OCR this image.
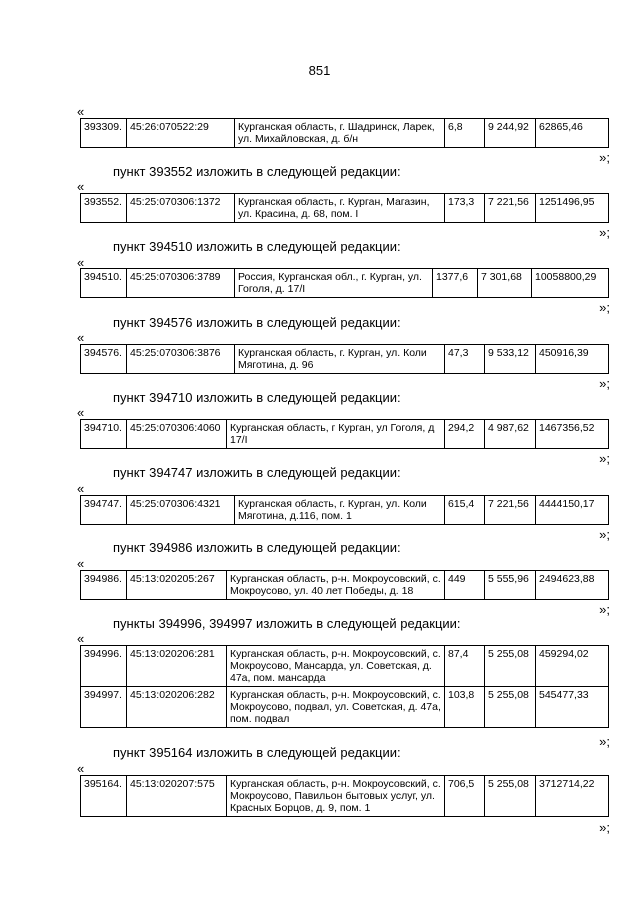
851
«
393309.	45:26:070522:29	Курганская область, г. Шадринск, Ларек, ул. Михайловская, д. б/н	6,8	9 244,92	62865,46
»;
пункт 393552 изложить в следующей редакции:
«
393552.	45:25:070306:1372	Курганская область, г. Курган, Магазин, ул. Красина, д. 68, пом. I	173,3	7 221,56	1251496,95
»;
пункт 394510 изложить в следующей редакции:
«
394510.	45:25:070306:3789	Россия, Курганская обл., г. Курган, ул. Гоголя, д. 17/I	1377,6	7 301,68	10058800,29
»;
пункт 394576 изложить в следующей редакции:
«
394576.	45:25:070306:3876	Курганская область, г. Курган, ул. Коли Мяготина, д. 96	47,3	9 533,12	450916,39
»;
пункт 394710 изложить в следующей редакции:
«
394710.	45:25:070306:4060	Курганская область, г Курган, ул Гоголя, д 17/I	294,2	4 987,62	1467356,52
»;
пункт 394747 изложить в следующей редакции:
«
394747.	45:25:070306:4321	Курганская область, г. Курган, ул. Коли Мяготина, д.116, пом. 1	615,4	7 221,56	4444150,17
»;
пункт 394986 изложить в следующей редакции:
«
394986.	45:13:020205:267	Курганская область, р-н. Мокроусовский, с. Мокроусово, ул. 40 лет Победы, д. 18	449	5 555,96	2494623,88
»;
пункты 394996, 394997 изложить в следующей редакции:
«
394996.	45:13:020206:281	Курганская область, р-н. Мокроусовский, с. Мокроусово, Мансарда, ул. Советская, д. 47а, пом. мансарда	87,4	5 255,08	459294,02
394997.	45:13:020206:282	Курганская область, р-н. Мокроусовский, с. Мокроусово, подвал, ул. Советская, д. 47а, пом. подвал	103,8	5 255,08	545477,33
»;
пункт 395164 изложить в следующей редакции:
«
395164.	45:13:020207:575	Курганская область, р-н. Мокроусовский, с. Мокроусово, Павильон бытовых услуг, ул. Красных Борцов, д. 9, пом. 1	706,5	5 255,08	3712714,22
»;
